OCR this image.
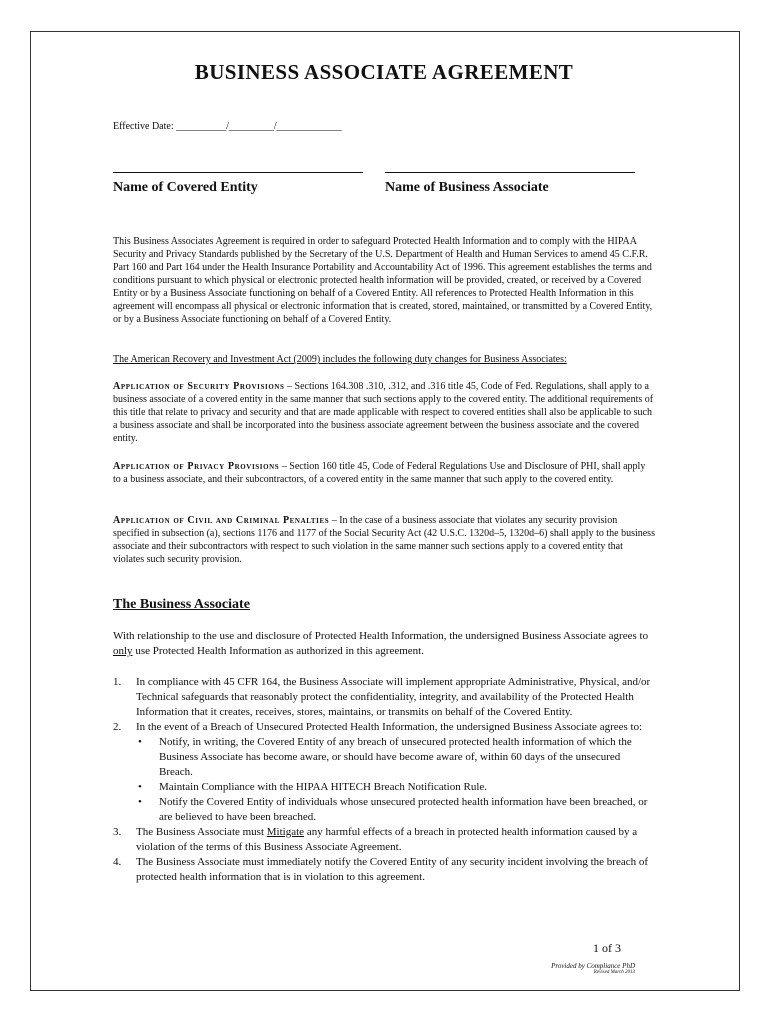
BUSINESS ASSOCIATE AGREEMENT

Effective Date: __________/_________/_____________

Name of Covered Entity	Name of Business Associate

This Business Associates Agreement is required in order to safeguard Protected Health Information and to comply with the HIPAA Security and Privacy Standards published by the Secretary of the U.S. Department of Health and Human Services to amend 45 C.F.R. Part 160 and Part 164 under the Health Insurance Portability and Accountability Act of 1996. This agreement establishes the terms and conditions pursuant to which physical or electronic protected health information will be provided, created, or received by a Covered Entity or by a Business Associate functioning on behalf of a Covered Entity. All references to Protected Health Information in this agreement will encompass all physical or electronic information that is created, stored, maintained, or transmitted by a Covered Entity, or by a Business Associate functioning on behalf of a Covered Entity.

The American Recovery and Investment Act (2009) includes the following duty changes for Business Associates:

Application of Security Provisions – Sections 164.308 .310, .312, and .316 title 45, Code of Fed. Regulations, shall apply to a business associate of a covered entity in the same manner that such sections apply to the covered entity. The additional requirements of this title that relate to privacy and security and that are made applicable with respect to covered entities shall also be applicable to such a business associate and shall be incorporated into the business associate agreement between the business associate and the covered entity.

Application of Privacy Provisions – Section 160 title 45, Code of Federal Regulations Use and Disclosure of PHI, shall apply to a business associate, and their subcontractors, of a covered entity in the same manner that such apply to the covered entity.

Application of Civil and Criminal Penalties – In the case of a business associate that violates any security provision specified in subsection (a), sections 1176 and 1177 of the Social Security Act (42 U.S.C. 1320d–5, 1320d–6) shall apply to the business associate and their subcontractors with respect to such violation in the same manner such sections apply to a covered entity that violates such security provision.

The Business Associate

With relationship to the use and disclosure of Protected Health Information, the undersigned Business Associate agrees to only use Protected Health Information as authorized in this agreement.

1. In compliance with 45 CFR 164, the Business Associate will implement appropriate Administrative, Physical, and/or Technical safeguards that reasonably protect the confidentiality, integrity, and availability of the Protected Health Information that it creates, receives, stores, maintains, or transmits on behalf of the Covered Entity.
2. In the event of a Breach of Unsecured Protected Health Information, the undersigned Business Associate agrees to:
• Notify, in writing, the Covered Entity of any breach of unsecured protected health information of which the Business Associate has become aware, or should have become aware of, within 60 days of the unsecured Breach.
• Maintain Compliance with the HIPAA HITECH Breach Notification Rule.
• Notify the Covered Entity of individuals whose unsecured protected health information have been breached, or are believed to have been breached.
3. The Business Associate must Mitigate any harmful effects of a breach in protected health information caused by a violation of the terms of this Business Associate Agreement.
4. The Business Associate must immediately notify the Covered Entity of any security incident involving the breach of protected health information that is in violation to this agreement.

1 of 3

Provided by Compliance PhD

Revised March 2013
